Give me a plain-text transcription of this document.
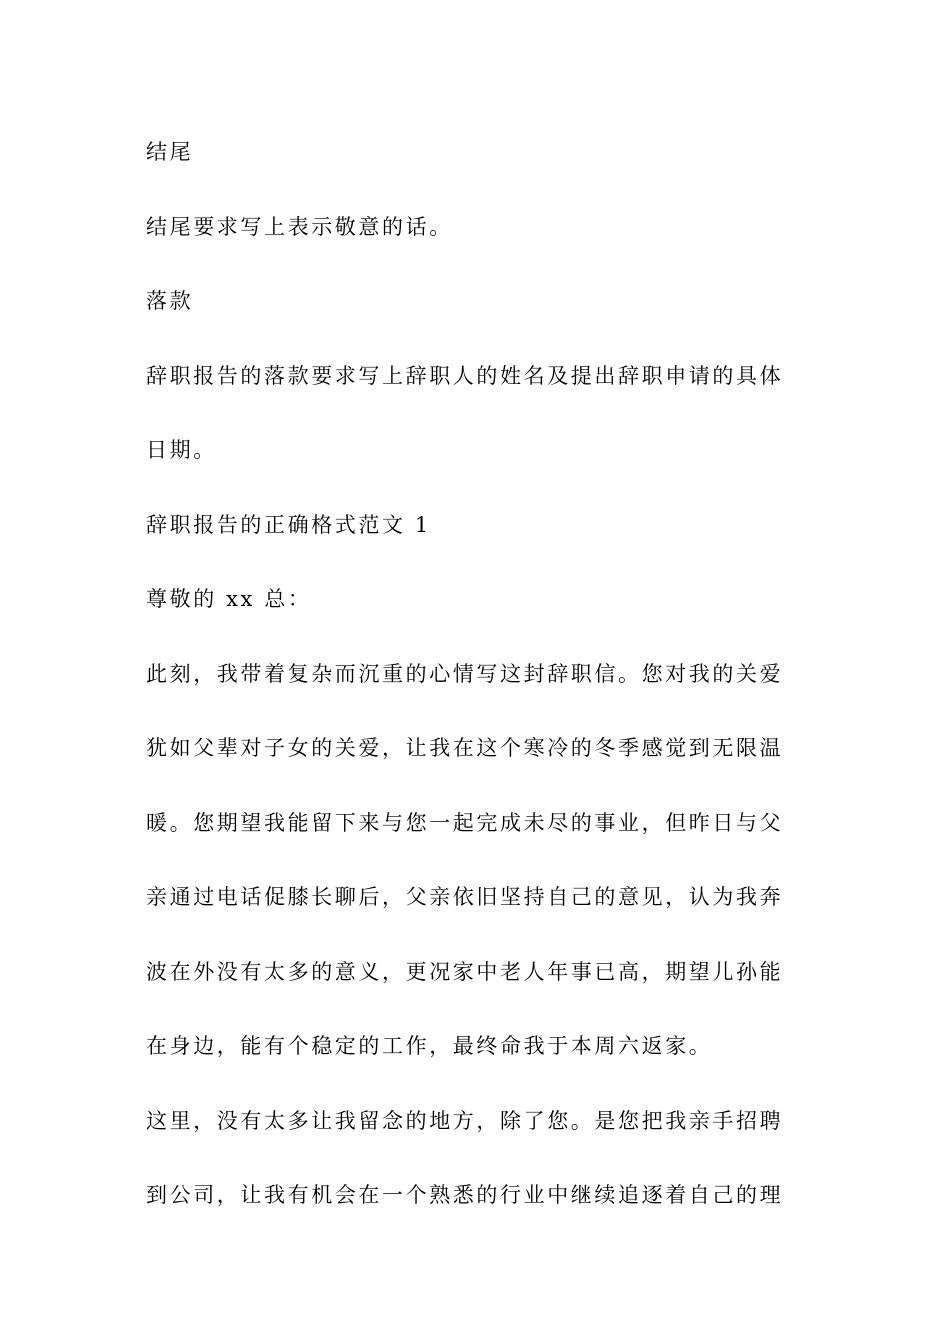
结尾
结尾要求写上表示敬意的话。
落款
辞职报告的落款要求写上辞职人的姓名及提出辞职申请的具体
日期。
辞职报告的正确格式范文 1
尊敬的 xx 总：
此刻，我带着复杂而沉重的心情写这封辞职信。您对我的关爱
犹如父辈对子女的关爱，让我在这个寒冷的冬季感觉到无限温
暖。您期望我能留下来与您一起完成未尽的事业，但昨日与父
亲通过电话促膝长聊后，父亲依旧坚持自己的意见，认为我奔
波在外没有太多的意义，更况家中老人年事已高，期望儿孙能
在身边，能有个稳定的工作，最终命我于本周六返家。
这里，没有太多让我留念的地方，除了您。是您把我亲手招聘
到公司，让我有机会在一个熟悉的行业中继续追逐着自己的理
